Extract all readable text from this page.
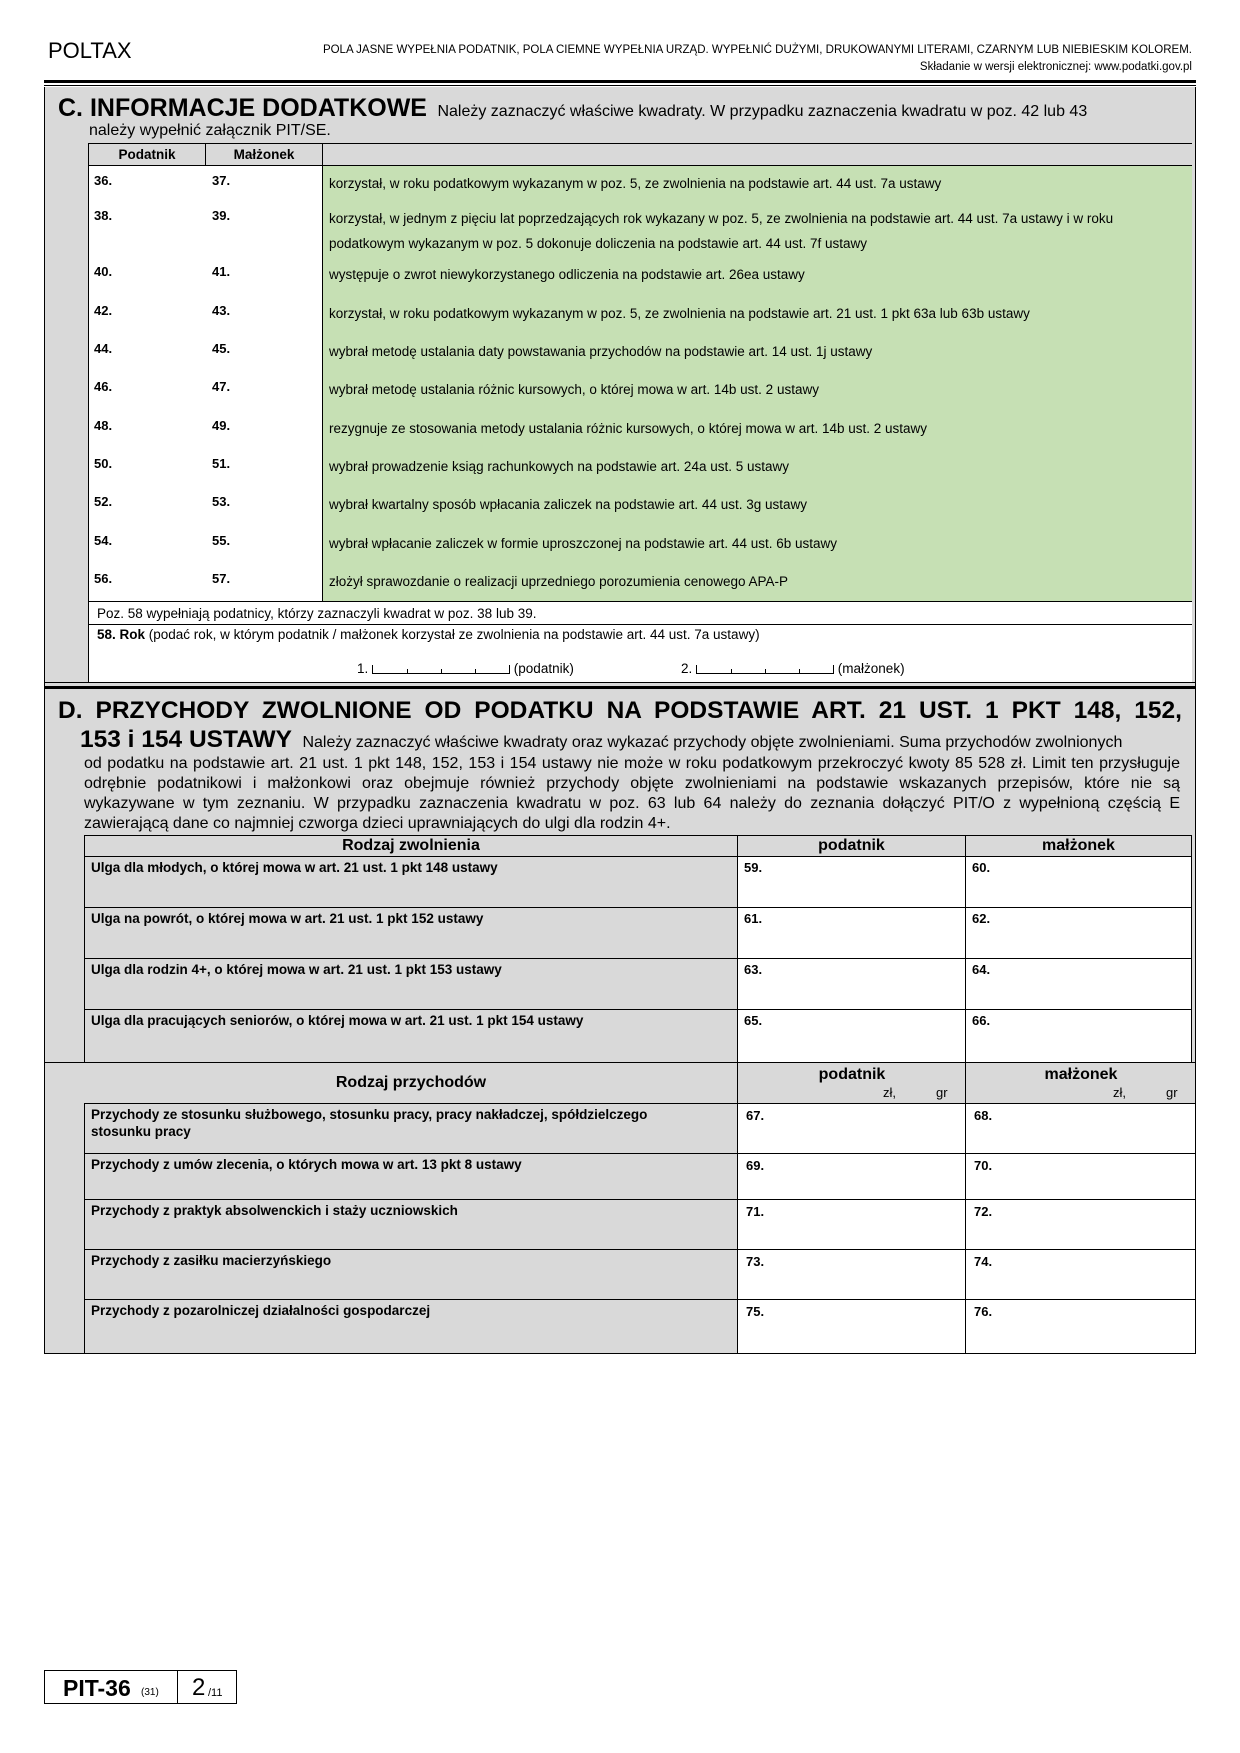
POLTAX	POLA JASNE WYPEŁNIA PODATNIK, POLA CIEMNE WYPEŁNIA URZĄD. WYPEŁNIĆ DUŻYMI, DRUKOWANYMI LITERAMI, CZARNYM LUB NIEBIESKIM KOLOREM.
Składanie w wersji elektronicznej: www.podatki.gov.pl
C. INFORMACJE DODATKOWE Należy zaznaczyć właściwe kwadraty. W przypadku zaznaczenia kwadratu w poz. 42 lub 43
należy wypełnić załącznik PIT/SE.
Podatnik	Małżonek
36.	37.	korzystał, w roku podatkowym wykazanym w poz. 5, ze zwolnienia na podstawie art. 44 ust. 7a ustawy
38.	39.	korzystał, w jednym z pięciu lat poprzedzających rok wykazany w poz. 5, ze zwolnienia na podstawie art. 44 ust. 7a ustawy i w roku
podatkowym wykazanym w poz. 5 dokonuje doliczenia na podstawie art. 44 ust. 7f ustawy
40.	41.	występuje o zwrot niewykorzystanego odliczenia na podstawie art. 26ea ustawy
42.	43.	korzystał, w roku podatkowym wykazanym w poz. 5, ze zwolnienia na podstawie art. 21 ust. 1 pkt 63a lub 63b ustawy
44.	45.	wybrał metodę ustalania daty powstawania przychodów na podstawie art. 14 ust. 1j ustawy
46.	47.	wybrał metodę ustalania różnic kursowych, o której mowa w art. 14b ust. 2 ustawy
48.	49.	rezygnuje ze stosowania metody ustalania różnic kursowych, o której mowa w art. 14b ust. 2 ustawy
50.	51.	wybrał prowadzenie ksiąg rachunkowych na podstawie art. 24a ust. 5 ustawy
52.	53.	wybrał kwartalny sposób wpłacania zaliczek na podstawie art. 44 ust. 3g ustawy
54.	55.	wybrał wpłacanie zaliczek w formie uproszczonej na podstawie art. 44 ust. 6b ustawy
56.	57.	złożył sprawozdanie o realizacji uprzedniego porozumienia cenowego APA-P
Poz. 58 wypełniają podatnicy, którzy zaznaczyli kwadrat w poz. 38 lub 39.
58. Rok (podać rok, w którym podatnik / małżonek korzystał ze zwolnienia na podstawie art. 44 ust. 7a ustawy)
1.	(podatnik)	2.	(małżonek)
D. PRZYCHODY ZWOLNIONE OD PODATKU NA PODSTAWIE ART. 21 UST. 1 PKT 148, 152,
153 i 154 USTAWY Należy zaznaczyć właściwe kwadraty oraz wykazać przychody objęte zwolnieniami. Suma przychodów zwolnionych
od podatku na podstawie art. 21 ust. 1 pkt 148, 152, 153 i 154 ustawy nie może w roku podatkowym przekroczyć kwoty 85 528 zł. Limit ten przysługuje
odrębnie podatnikowi i małżonkowi oraz obejmuje również przychody objęte zwolnieniami na podstawie wskazanych przepisów, które nie są
wykazywane w tym zeznaniu. W przypadku zaznaczenia kwadratu w poz. 63 lub 64 należy do zeznania dołączyć PIT/O z wypełnioną częścią E
zawierającą dane co najmniej czworga dzieci uprawniających do ulgi dla rodzin 4+.
Rodzaj zwolnienia	podatnik	małżonek
Ulga dla młodych, o której mowa w art. 21 ust. 1 pkt 148 ustawy	59.	60.
Ulga na powrót, o której mowa w art. 21 ust. 1 pkt 152 ustawy	61.	62.
Ulga dla rodzin 4+, o której mowa w art. 21 ust. 1 pkt 153 ustawy	63.	64.
Ulga dla pracujących seniorów, o której mowa w art. 21 ust. 1 pkt 154 ustawy	65.	66.
Rodzaj przychodów	podatnik
zł,	gr
małżonek
zł,	gr
Przychody ze stosunku służbowego, stosunku pracy, pracy nakładczej, spółdzielczego
stosunku pracy
67.	68.
Przychody z umów zlecenia, o których mowa w art. 13 pkt 8 ustawy	69.	70.
Przychody z praktyk absolwenckich i staży uczniowskich	71.	72.
Przychody z zasiłku macierzyńskiego	73.	74.
Przychody z pozarolniczej działalności gospodarczej	75.	76.
PIT-36 (31) 2 /11
